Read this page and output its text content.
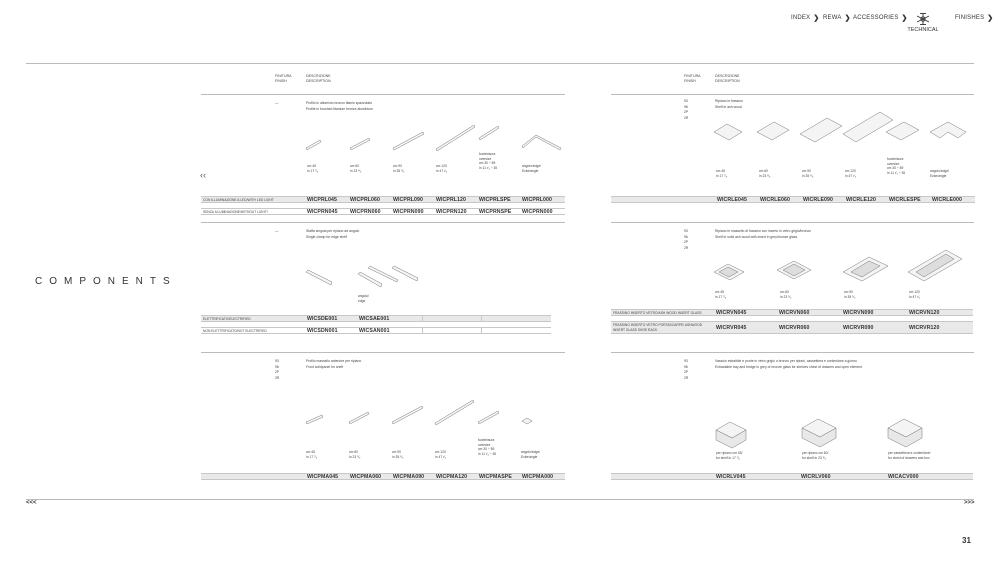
INDEX ❯ REWA ❯ ACCESSORIES ❯
TECHNICAL
FINISHES ❯
COMPONENTS
‹‹
FINITURA
FINISH
DESCRIZIONE
DESCRIPTION
—	Profilo in alluminio bronzo titanio spazzolato
Profile in brushed titanium bronze aluminium
cm 45
in 17 ⁷⁄₈
cm 60
in 23 ⁵⁄₈
cm 90
in 35 ⁵⁄₈
cm 120
in 47 ³⁄₄
fuorimisura
oversize
cm 30 ÷ 89
in 11 ³⁄₄ ÷ 35	angolo/edge/
Ecke/angle
CON ILLUMINAZIONE A LED/WITH LED LIGHT	WICPRL045 WICPRL060 WICPRL090 WICPRL120 WICPRLSPE WICPRL000
SENZA ILLUMINAZIONE/WITHOUT LIGHT/	WICPRN045 WICPRN060 WICPRN090 WICPRN120 WICPRNSPE WICPRN000
—	Staffa singola per ripiano ad angolo
Single clamp for edge shelf
angolo/
edge
ELETTRIFICATO/ELECTRIFIED	WICSDE001	WICSAE001
NON ELETTRIFICATO/NOT ELECTRIFIED	WICSDN001	WICSAN001
93
96
2P
2R
Profilo massello anteriore per ripiano
Front solidpanel for shelf
cm 45
in 17 ⁷⁄₈
cm 60
in 23 ⁵⁄₈
cm 90
in 35 ⁵⁄₈
cm 120
in 47 ³⁄₄
fuorimisura
oversize
cm 30 ÷ 89
in 11 ³⁄₄ ÷ 35	angolo/edge/
Ecke/angle
WICPMA045 WICPMA060 WICPMA090 WICPMA120 WICPMASPE WICPMA000
FINITURA
FINISH
DESCRIZIONE
DESCRIPTION
93
96
2P
2R
Ripiano in frassino
Shelf in ash wood
cm 45
in 17 ⁷⁄₈
cm 60
in 23 ⁵⁄₈
cm 90
in 35 ⁵⁄₈
cm 120
in 47 ³⁄₄
fuorimisura
oversize
cm 30 ÷ 89
in 11 ³⁄₄ ÷ 35	angolo/edge/
Ecke/angle
WICRLE045 WICRLE060 WICRLE090 WICRLE120 WICRLESPE WICRLE000
93
96
2P
2R
Ripiano in massello di frassino con inserto in vetro grigio/bronzo
Shelf in solid ash wood with insert in grey/bronze glass
cm 45
in 17 ⁷⁄₈
cm 60
in 23 ⁵⁄₈
cm 90
in 35 ⁵⁄₈
cm 120
in 47 ³⁄₄
FRASSINO INSERTO VETRO/ASH WOOD INSERT GLASS	WICRVN045	WICRVN060	WICRVN090	WICRVN120
FRASSINO INSERTO VETRO PORTASCARPE/ ASHWOOD INSERT GLASS SHOE RACK	WICRVR045	WICRVR060	WICRVR090	WICRVR120
93
96
2P
2R
Vassoio estraibile e ponte in vetro grigio o bronzo per ripiani, cassettiera e contenitore a giorno
Extractable tray and bridge in grey or bronze glass for shelves chest of drawers and open element
per ripiano cm 45/
for shelf in 17 ⁷⁄₈
per ripiano cm 60/
for shelf in 23 ⁵⁄₈
per cassettiera e contenitore/
for chest of drawers and box
WICRLV045	WICRLV060	WICACV000
<<<	>>>
31
